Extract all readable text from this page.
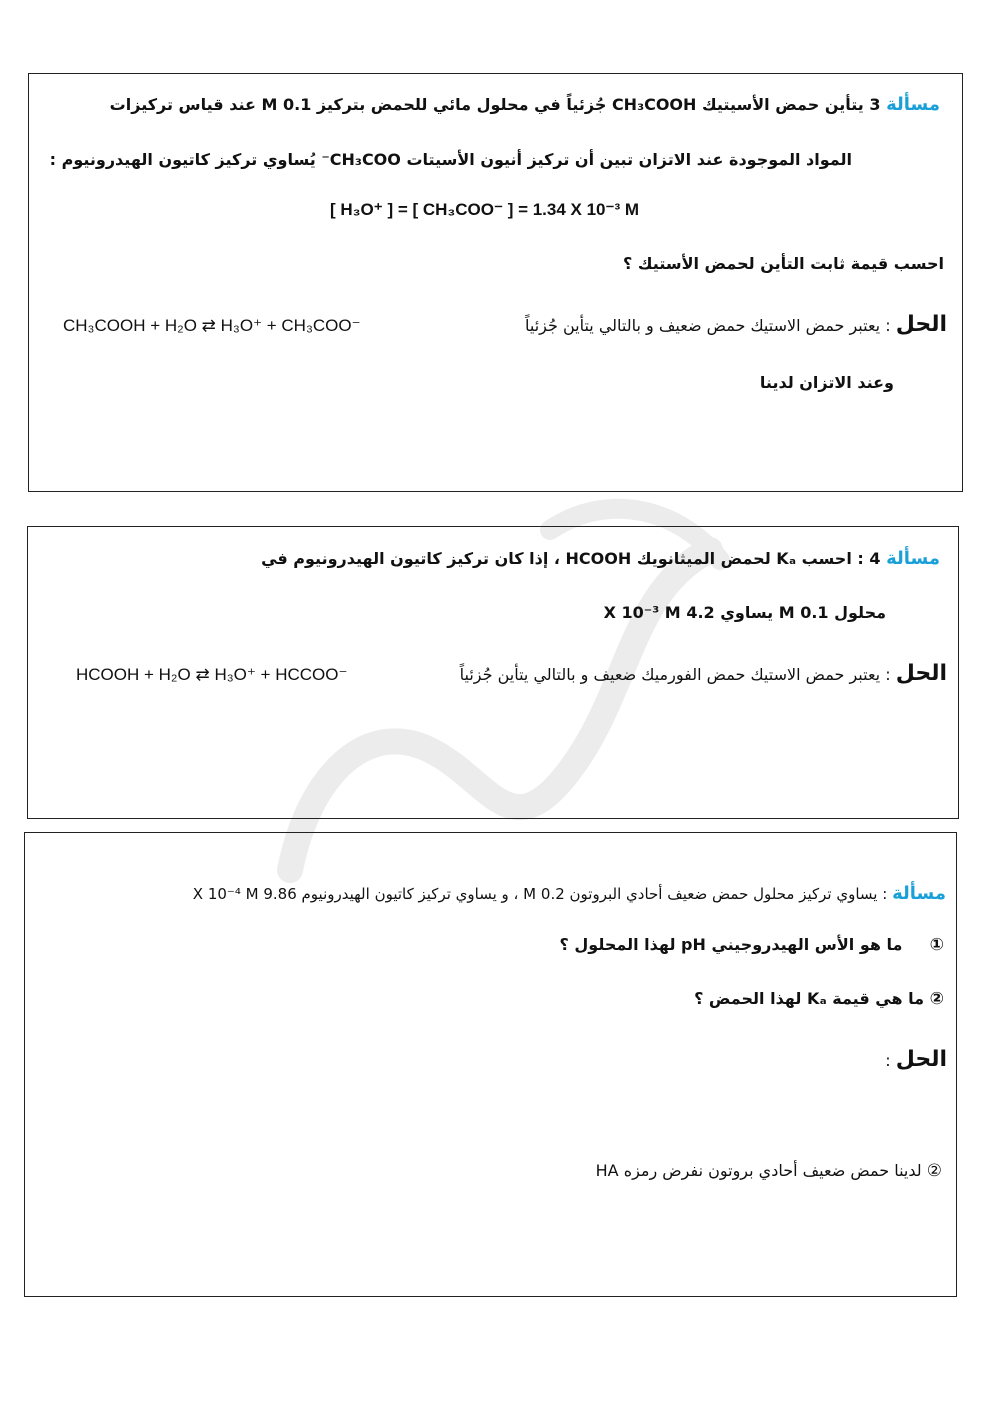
مسألة 3 يتأين حمض الأسيتيك CH₃COOH جُزئياً في محلول مائي للحمض بتركيز 0.1 M عند قياس تركيزات
المواد الموجودة عند الاتزان تبين أن تركيز أنيون الأسيتات CH₃COO⁻ يُساوي تركيز كاتيون الهيدرونيوم :
[ H₃O⁺ ] = [ CH₃COO⁻ ] = 1.34 X 10⁻³ M
احسب قيمة ثابت التأين لحمض الأستيك ؟
الحل : يعتبر حمض الاستيك حمض ضعيف و بالتالي يتأين جُزئياً
CH₃COOH + H₂O ⇄ H₃O⁺ + CH₃COO⁻
وعند الاتزان لدينا
مسألة 4 : احسب Kₐ لحمض الميثانويك HCOOH ، إذا كان تركيز كاتيون الهيدرونيوم في
محلول 0.1 M يساوي 4.2 X 10⁻³ M
الحل : يعتبر حمض الاستيك حمض الفورميك ضعيف و بالتالي يتأين جُزئياً
HCOOH + H₂O ⇄ H₃O⁺ + HCCOO⁻
مسألة : يساوي تركيز محلول حمض ضعيف أحادي البروتون 0.2 M ، و يساوي تركيز كاتيون الهيدرونيوم 9.86 X 10⁻⁴ M
①  ما هو الأس الهيدروجيني pH لهذا المحلول ؟
② ما هي قيمة Kₐ لهذا الحمض ؟
الحل :
② لدينا حمض ضعيف أحادي بروتون نفرض رمزه HA
